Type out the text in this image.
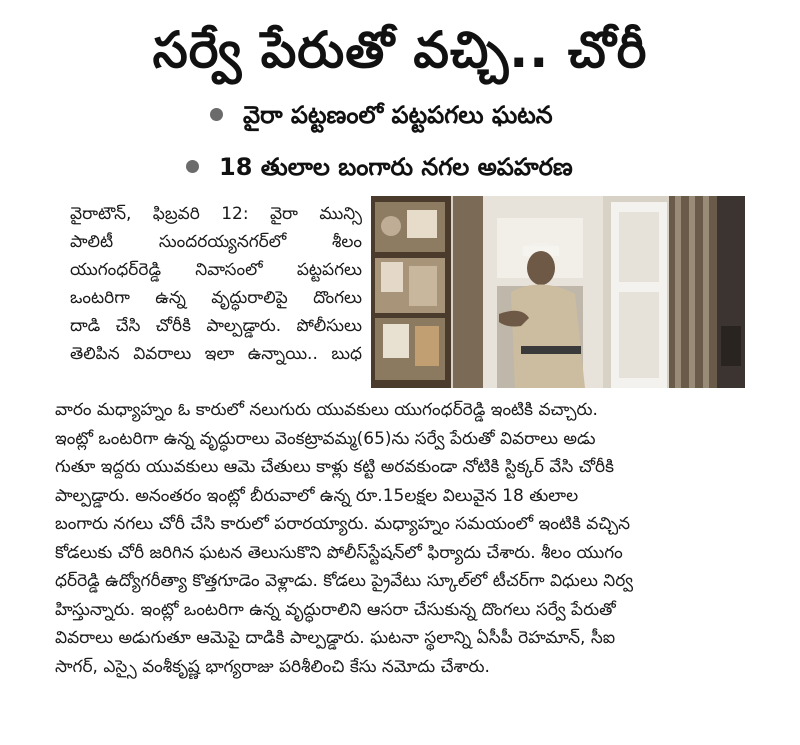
సర్వే పేరుతో వచ్చి.. చోరీ
వైరా పట్టణంలో పట్టపగలు ఘటన
18 తులాల బంగారు నగల అపహరణ
వైరాటౌన్, ఫిబ్రవరి 12: వైరా మున్సి
పాలిటీ సుందరయ్యనగర్‌లో శీలం
యుగంధర్‌రెడ్డి నివాసంలో పట్టపగలు
ఒంటరిగా ఉన్న వృద్ధురాలిపై దొంగలు
దాడి చేసి చోరీకి పాల్పడ్డారు. పోలీసులు
తెలిపిన వివరాలు ఇలా ఉన్నాయి.. బుధ
వారం మధ్యాహ్నం ఓ కారులో నలుగురు యువకులు యుగంధర్‌రెడ్డి ఇంటికి వచ్చారు.
ఇంట్లో ఒంటరిగా ఉన్న వృద్ధురాలు వెంకట్రావమ్మ(65)ను సర్వే పేరుతో వివరాలు అడు
గుతూ ఇద్దరు యువకులు ఆమె చేతులు కాళ్లు కట్టి అరవకుండా నోటికి స్టిక్కర్ వేసి చోరీకి
పాల్పడ్డారు. అనంతరం ఇంట్లో బీరువాలో ఉన్న రూ.15లక్షల విలువైన 18 తులాల
బంగారు నగలు చోరీ చేసి కారులో పరారయ్యారు. మధ్యాహ్నం సమయంలో ఇంటికి వచ్చిన
కోడలుకు చోరీ జరిగిన ఘటన తెలుసుకొని పోలీస్‌స్టేషన్‌లో ఫిర్యాదు చేశారు. శీలం యుగం
ధర్‌రెడ్డి ఉద్యోగరీత్యా కొత్తగూడెం వెళ్లాడు. కోడలు ప్రైవేటు స్కూల్‌లో టీచర్‌గా విధులు నిర్వ
హిస్తున్నారు. ఇంట్లో ఒంటరిగా ఉన్న వృద్ధురాలిని ఆసరా చేసుకున్న దొంగలు సర్వే పేరుతో
వివరాలు అడుగుతూ ఆమెపై దాడికి పాల్పడ్డారు. ఘటనా స్థలాన్ని ఏసీపీ రెహమాన్, సీఐ
సాగర్, ఎస్సై వంశీకృష్ణ భాగ్యరాజు పరిశీలించి కేసు నమోదు చేశారు.
